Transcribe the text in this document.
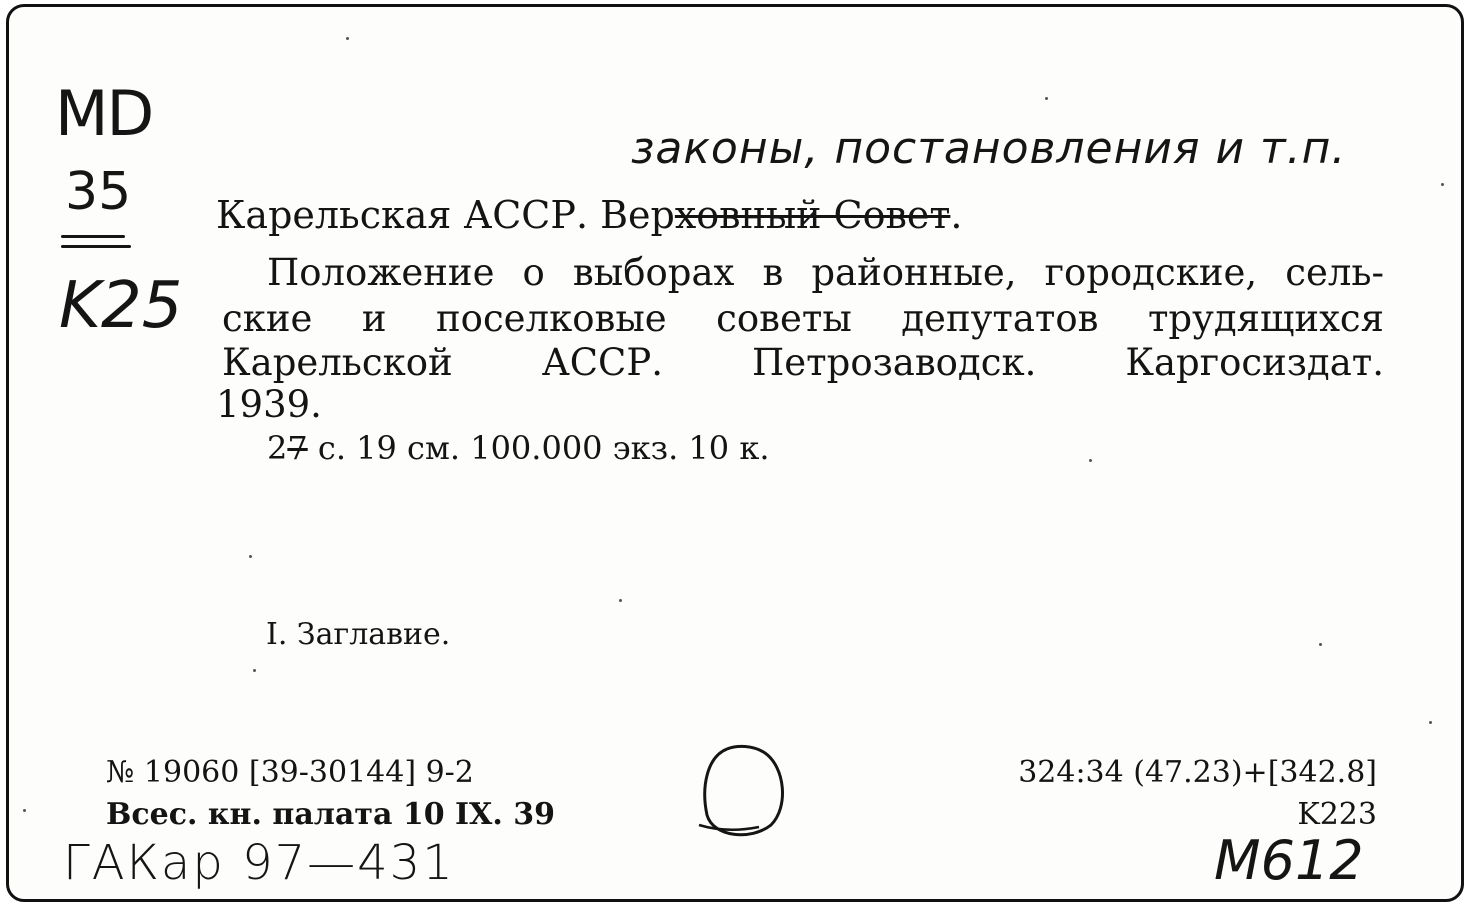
MD
35
K25
законы, постановления и т.п.
Карельская АССР. Верховный Совет.
Положение о выборах в районные, городские, сель-
ские и поселковые советы депутатов трудящихся
Карельской АССР. Петрозаводск. Каргосиздат.
1939.
27 с. 19 см. 100.000 экз. 10 к.
I. Заглавие.
№ 19060 [39-30144] 9-2
Всес. кн. палата 10 IX. 39
324:34 (47.23)+[342.8]
K223
ГАКар 97—431	М612
